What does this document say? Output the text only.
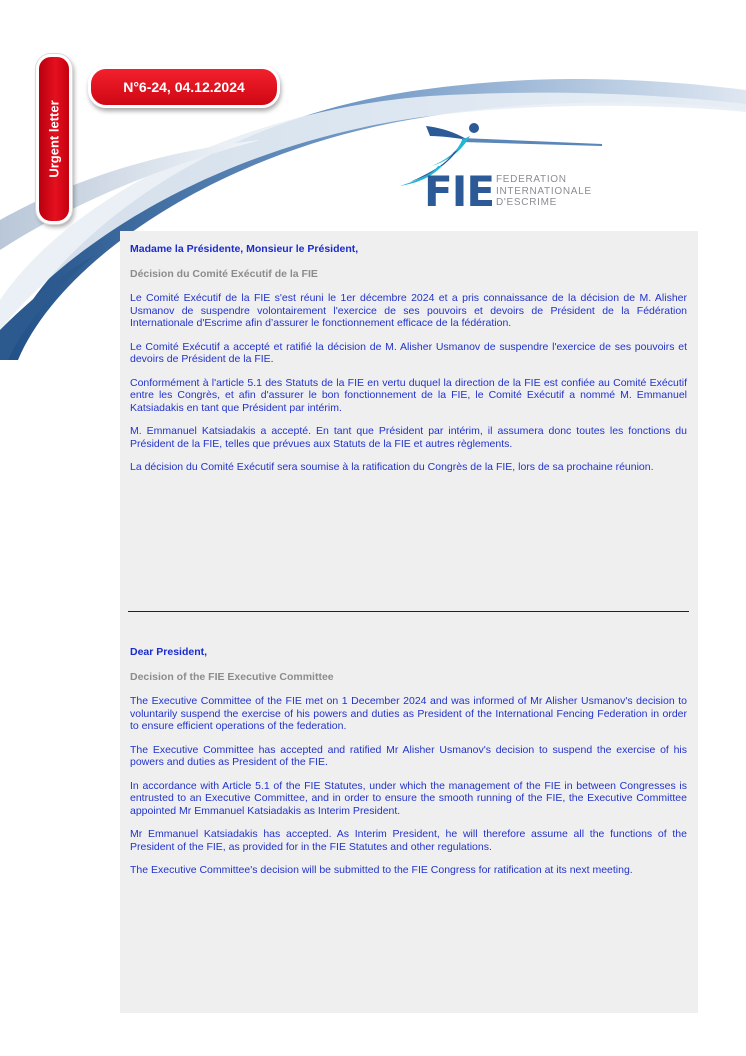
Urgent letter
N°6-24, 04.12.2024
FIE FEDERATION
INTERNATIONALE
D'ESCRIME

Madame la Présidente, Monsieur le Président,

Décision du Comité Exécutif de la FIE

Le Comité Exécutif de la FIE s'est réuni le 1er décembre 2024 et a pris connaissance de la décision de M. Alisher Usmanov de suspendre volontairement l'exercice de ses pouvoirs et devoirs de Président de la Fédération Internationale d'Escrime afin d’assurer le fonctionnement efficace de la fédération.

Le Comité Exécutif a accepté et ratifié la décision de M. Alisher Usmanov de suspendre l'exercice de ses pouvoirs et devoirs de Président de la FIE.

Conformément à l'article 5.1 des Statuts de la FIE en vertu duquel la direction de la FIE est confiée au Comité Exécutif entre les Congrès, et afin d'assurer le bon fonctionnement de la FIE, le Comité Exécutif a nommé M. Emmanuel Katsiadakis en tant que Président par intérim.

M. Emmanuel Katsiadakis a accepté. En tant que Président par intérim, il assumera donc toutes les fonctions du Président de la FIE, telles que prévues aux Statuts de la FIE et autres règlements.

La décision du Comité Exécutif sera soumise à la ratification du Congrès de la FIE, lors de sa prochaine réunion.

Dear President,

Decision of the FIE Executive Committee

The Executive Committee of the FIE met on 1 December 2024 and was informed of Mr Alisher Usmanov's decision to voluntarily suspend the exercise of his powers and duties as President of the International Fencing Federation in order to ensure efficient operations of the federation.

The Executive Committee has accepted and ratified Mr Alisher Usmanov's decision to suspend the exercise of his powers and duties as President of the FIE.

In accordance with Article 5.1 of the FIE Statutes, under which the management of the FIE in between Congresses is entrusted to an Executive Committee, and in order to ensure the smooth running of the FIE, the Executive Committee appointed Mr Emmanuel Katsiadakis as Interim President.

Mr Emmanuel Katsiadakis has accepted. As Interim President, he will therefore assume all the functions of the President of the FIE, as provided for in the FIE Statutes and other regulations.

The Executive Committee's decision will be submitted to the FIE Congress for ratification at its next meeting.
